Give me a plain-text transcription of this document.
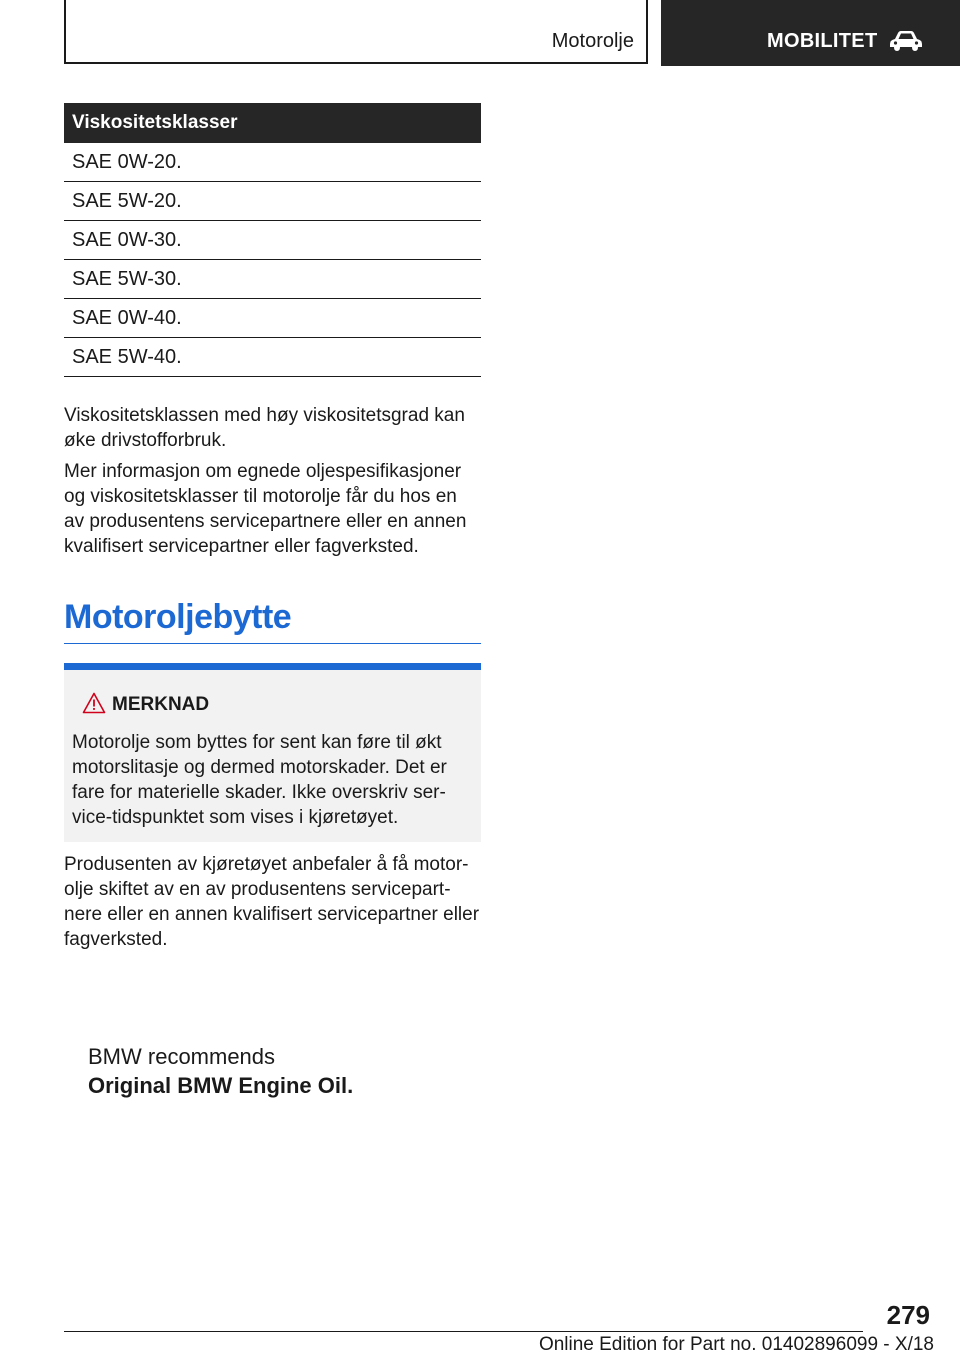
Motorolje	MOBILITET
Viskositetsklasser
SAE 0W-20.
SAE 5W-20.
SAE 0W-30.
SAE 5W-30.
SAE 0W-40.
SAE 5W-40.

Viskositetsklassen med høy viskositetsgrad kan øke drivstofforbruk.

Mer informasjon om egnede oljespesifikasjoner og viskositetsklasser til motorolje får du hos en av produsentens servicepartnere eller en annen kvalifisert servicepartner eller fagverksted.

Motoroljebytte
MERKNAD
Motorolje som byttes for sent kan føre til økt motorslitasje og dermed motorskader. Det er fare for materielle skader. Ikke overskriv service-tidspunktet som vises i kjøretøyet.

Produsenten av kjøretøyet anbefaler å få motorolje skiftet av en av produsentens servicepartnere eller en annen kvalifisert servicepartner eller fagverksted.

BMW recommends
Original BMW Engine Oil.
279
Online Edition for Part no. 01402896099 - X/18
